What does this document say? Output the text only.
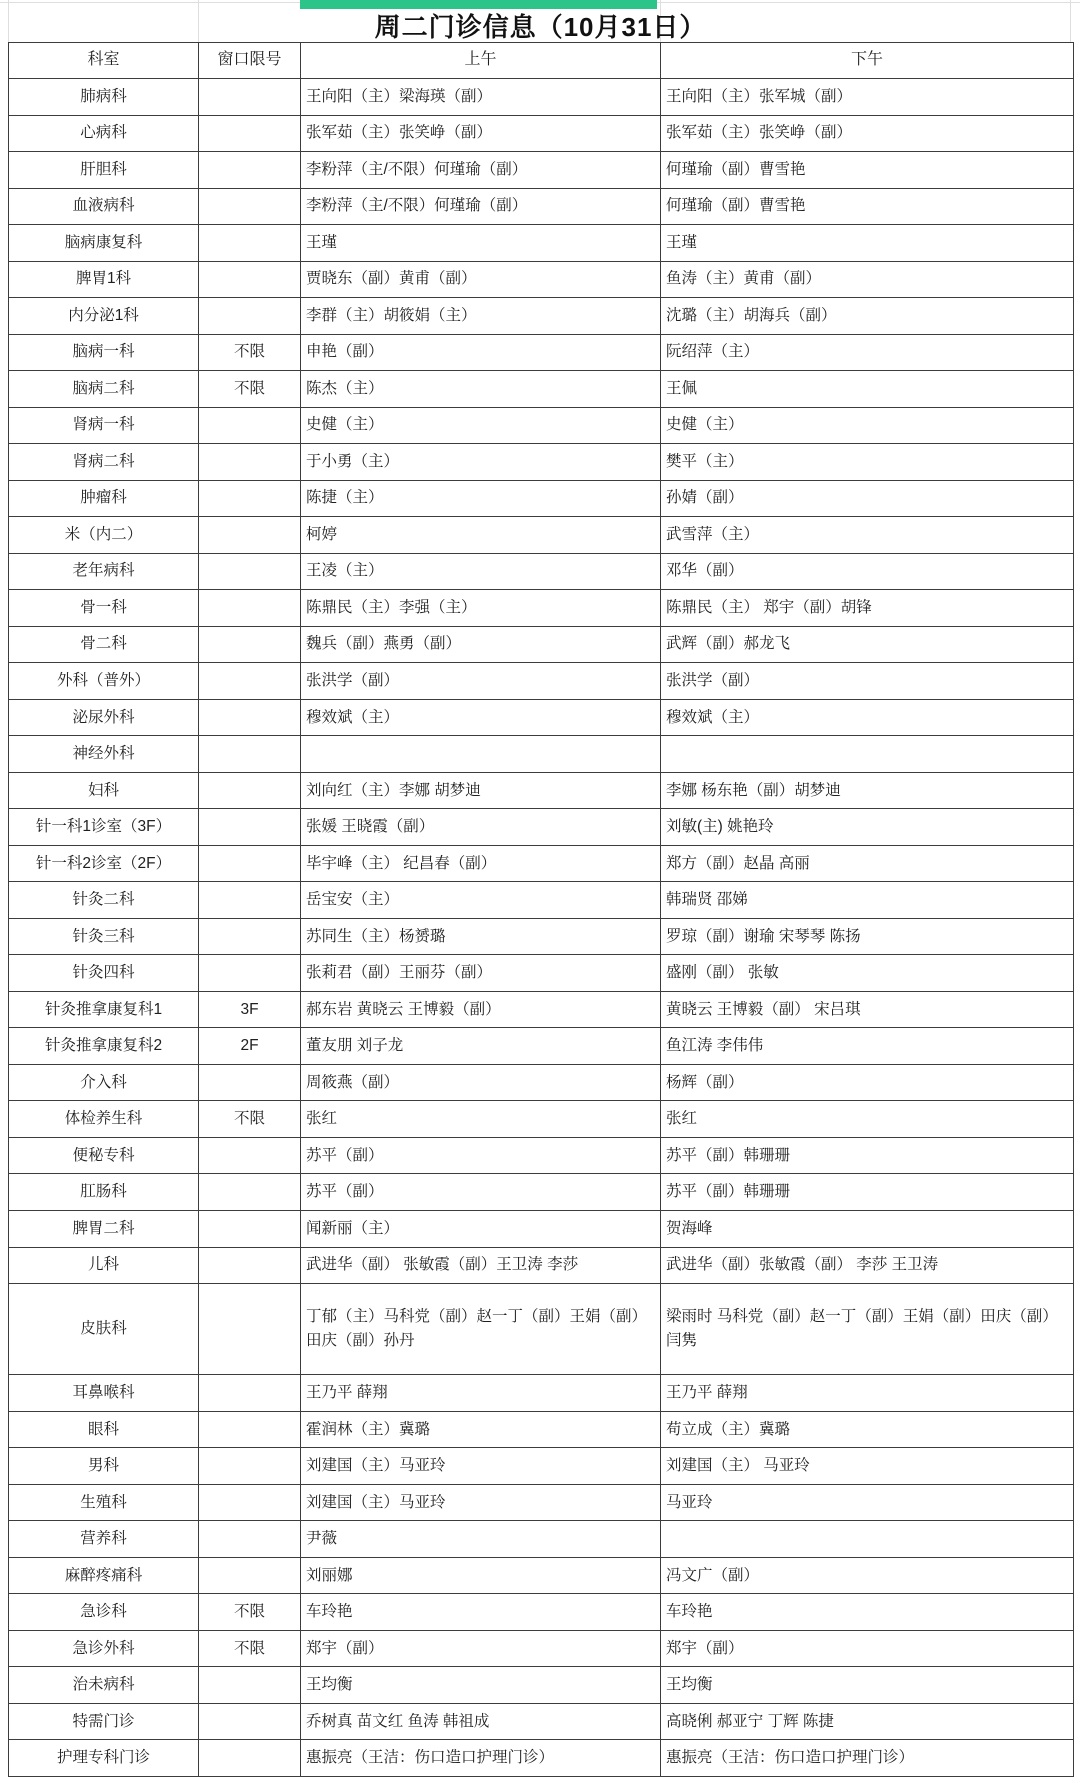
周二门诊信息（10月31日）
科室	窗口限号	上午	下午
肺病科		王向阳（主）梁海瑛（副）	王向阳（主）张军城（副）
心病科		张军茹（主）张笑峥（副）	张军茹（主）张笑峥（副）
肝胆科		李粉萍（主/不限）何瑾瑜（副）	何瑾瑜（副）曹雪艳
血液病科		李粉萍（主/不限）何瑾瑜（副）	何瑾瑜（副）曹雪艳
脑病康复科		王瑾	王瑾
脾胃1科		贾晓东（副）黄甫（副）	鱼涛（主）黄甫（副）
内分泌1科		李群（主）胡筱娟（主）	沈璐（主）胡海兵（副）
脑病一科	不限	申艳（副）	阮绍萍（主）
脑病二科	不限	陈杰（主）	王佩
肾病一科		史健（主）	史健（主）
肾病二科		于小勇（主）	樊平（主）
肿瘤科		陈捷（主）	孙婧（副）
米（内二）		柯婷	武雪萍（主）
老年病科		王凌（主）	邓华（副）
骨一科		陈鼎民（主）李强（主）	陈鼎民（主） 郑宇（副）胡锋
骨二科		魏兵（副）燕勇（副）	武辉（副）郝龙飞
外科（普外）		张洪学（副）	张洪学（副）
泌尿外科		穆效斌（主）	穆效斌（主）
神经外科			
妇科		刘向红（主）李娜 胡梦迪	李娜 杨东艳（副）胡梦迪
针一科1诊室（3F）		张媛 王晓霞（副）	刘敏(主) 姚艳玲
针一科2诊室（2F）		毕宇峰（主） 纪昌春（副）	郑方（副）赵晶 高丽
针灸二科		岳宝安（主）	韩瑞贤 邵娣
针灸三科		苏同生（主）杨赟璐	罗琼（副）谢瑜 宋琴琴 陈扬
针灸四科		张莉君（副）王丽芬（副）	盛刚（副） 张敏
针灸推拿康复科1	3F	郝东岩 黄晓云 王博毅（副）	黄晓云 王博毅（副） 宋吕琪
针灸推拿康复科2	2F	董友朋 刘子龙	鱼江涛 李伟伟
介入科		周筱燕（副）	杨辉（副）
体检养生科	不限	张红	张红
便秘专科		苏平（副）	苏平（副）韩珊珊
肛肠科		苏平（副）	苏平（副）韩珊珊
脾胃二科		闻新丽（主）	贺海峰
儿科		武进华（副） 张敏霞（副）王卫涛 李莎	武进华（副）张敏霞（副） 李莎 王卫涛
皮肤科		丁郁（主）马科党（副）赵一丁（副）王娟（副）田庆（副）孙丹	梁雨时 马科党（副）赵一丁（副）王娟（副）田庆（副）闫隽
耳鼻喉科		王乃平 薛翔	王乃平 薛翔
眼科		霍润林（主）冀璐	苟立成（主）冀璐
男科		刘建国（主）马亚玲	刘建国（主） 马亚玲
生殖科		刘建国（主）马亚玲	马亚玲
营养科		尹薇	
麻醉疼痛科		刘丽娜	冯文广（副）
急诊科	不限	车玲艳	车玲艳
急诊外科	不限	郑宇（副）	郑宇（副）
治未病科		王均衡	王均衡
特需门诊		乔树真 苗文红 鱼涛 韩祖成	高晓俐 郝亚宁 丁辉 陈捷
护理专科门诊		惠振亮（王洁：伤口造口护理门诊）	惠振亮（王洁：伤口造口护理门诊）
